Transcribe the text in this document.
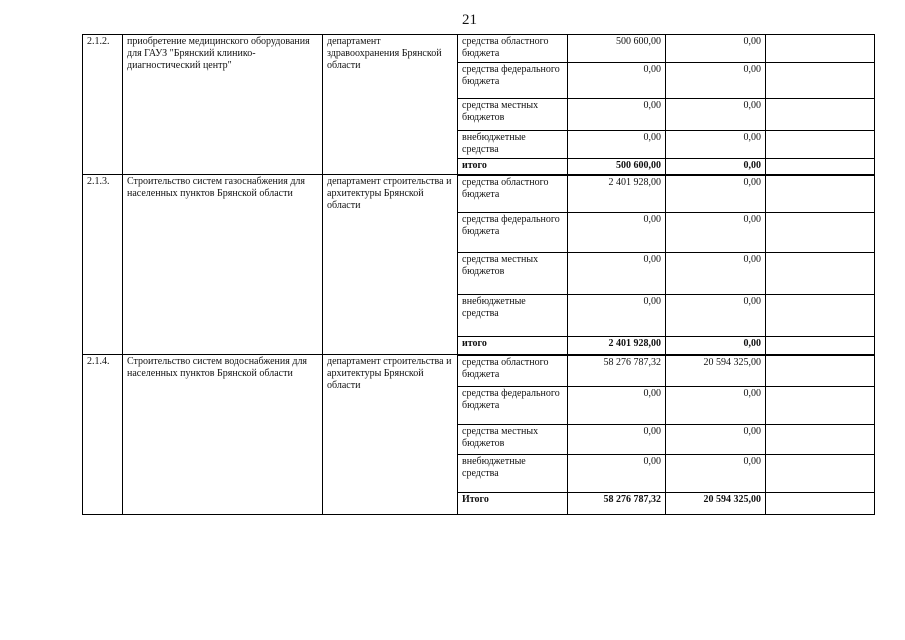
21
2.1.2.	приобретение медицинского оборудования для ГАУЗ "Брянский клинико-диагностический центр"	департамент здравоохранения Брянской области	средства областного бюджета	500 600,00	0,00	
			средства федерального бюджета	0,00	0,00	
			средства местных бюджетов	0,00	0,00	
			внебюджетные средства	0,00	0,00	
			итого	500 600,00	0,00	
2.1.3.	Строительство систем газоснабжения для населенных пунктов Брянской области	департамент строительства и архитектуры Брянской области	средства областного бюджета	2 401 928,00	0,00	
			средства федерального бюджета	0,00	0,00	
			средства местных бюджетов	0,00	0,00	
			внебюджетные средства	0,00	0,00	
			итого	2 401 928,00	0,00	
2.1.4.	Строительство систем водоснабжения для населенных пунктов Брянской области	департамент строительства и архитектуры Брянской области	средства областного бюджета	58 276 787,32	20 594 325,00	
			средства федерального бюджета	0,00	0,00	
			средства местных бюджетов	0,00	0,00	
			внебюджетные средства	0,00	0,00	
			Итого	58 276 787,32	20 594 325,00	
